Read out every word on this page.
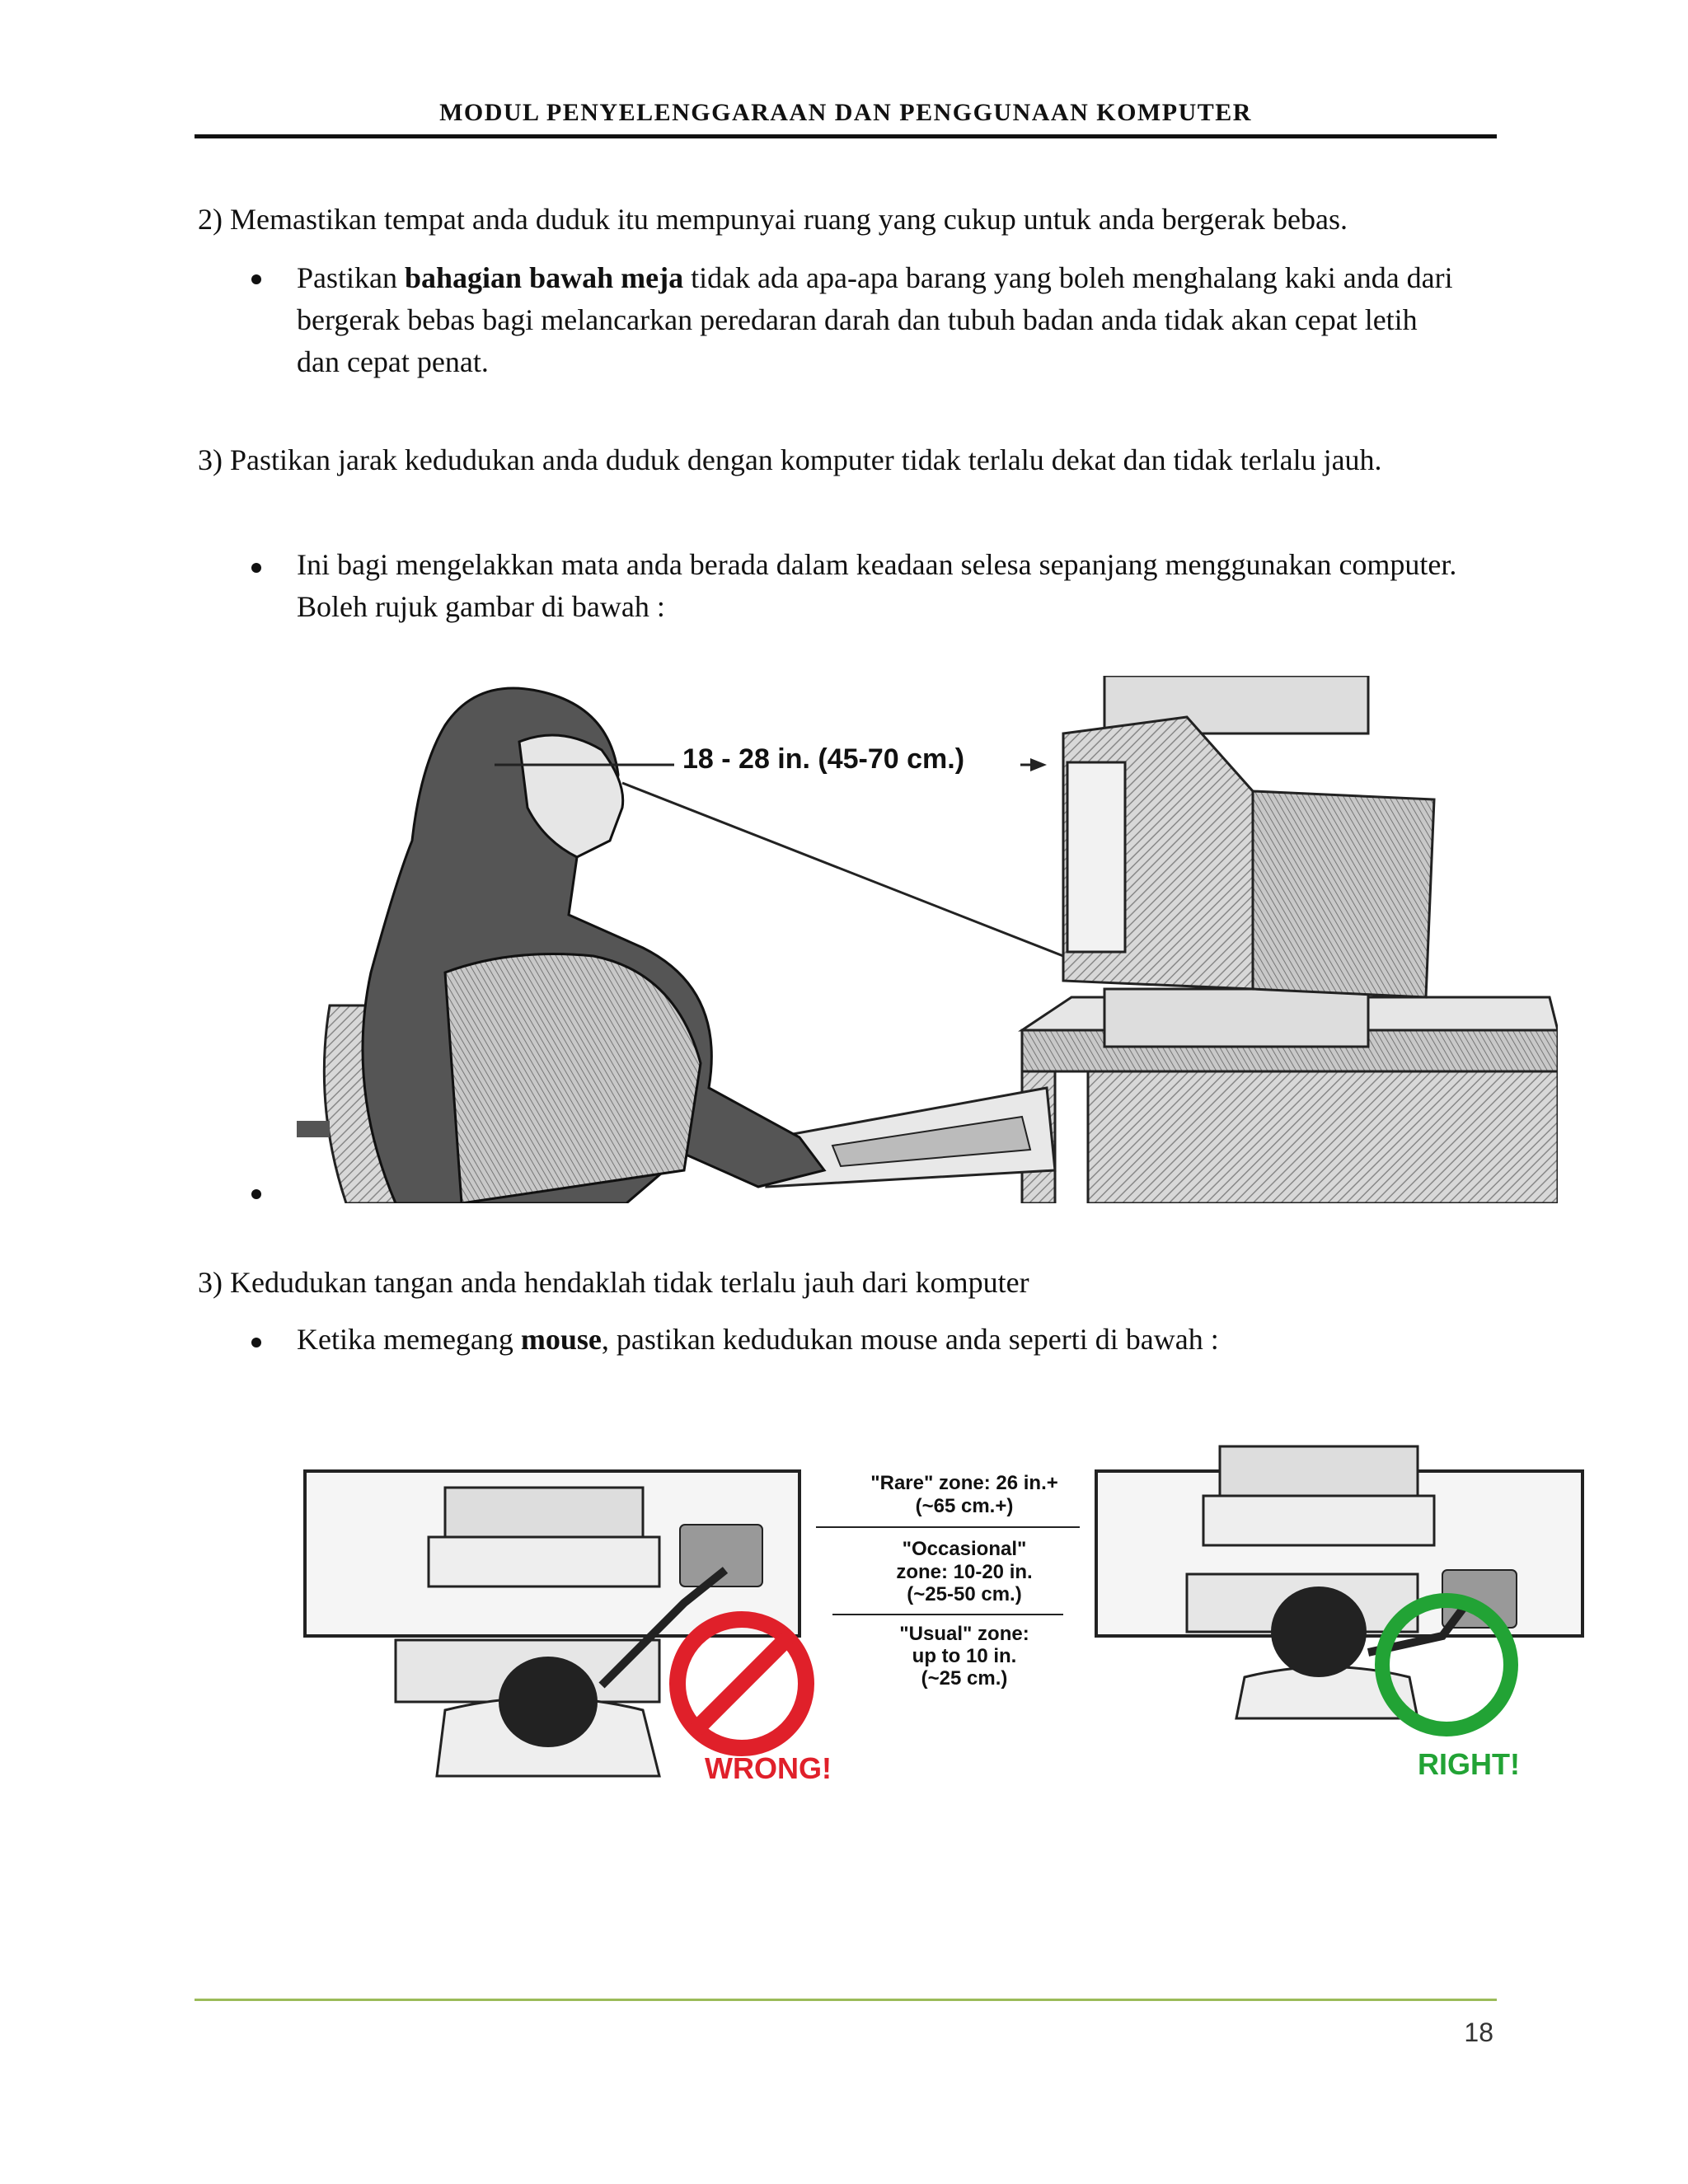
MODUL PENYELENGGARAAN DAN PENGGUNAAN KOMPUTER
2) Memastikan tempat anda duduk itu mempunyai ruang yang cukup untuk anda bergerak bebas.
Pastikan bahagian bawah meja tidak ada apa-apa barang yang boleh menghalang kaki anda dari bergerak bebas bagi melancarkan peredaran darah dan tubuh badan anda tidak akan cepat letih dan cepat penat.
3) Pastikan jarak kedudukan anda duduk dengan komputer tidak terlalu dekat dan tidak terlalu jauh.
Ini bagi mengelakkan mata anda berada dalam keadaan selesa sepanjang menggunakan computer. Boleh rujuk gambar di bawah :
18 - 28 in. (45-70 cm.)
3) Kedudukan tangan anda hendaklah tidak terlalu jauh dari komputer
Ketika memegang mouse, pastikan kedudukan mouse anda seperti di bawah :
WRONG!
"Rare" zone: 26 in.+
(~65 cm.+)
"Occasional"
zone: 10-20 in.
(~25-50 cm.)
"Usual" zone:
up to 10 in.
(~25 cm.)
RIGHT!
18
